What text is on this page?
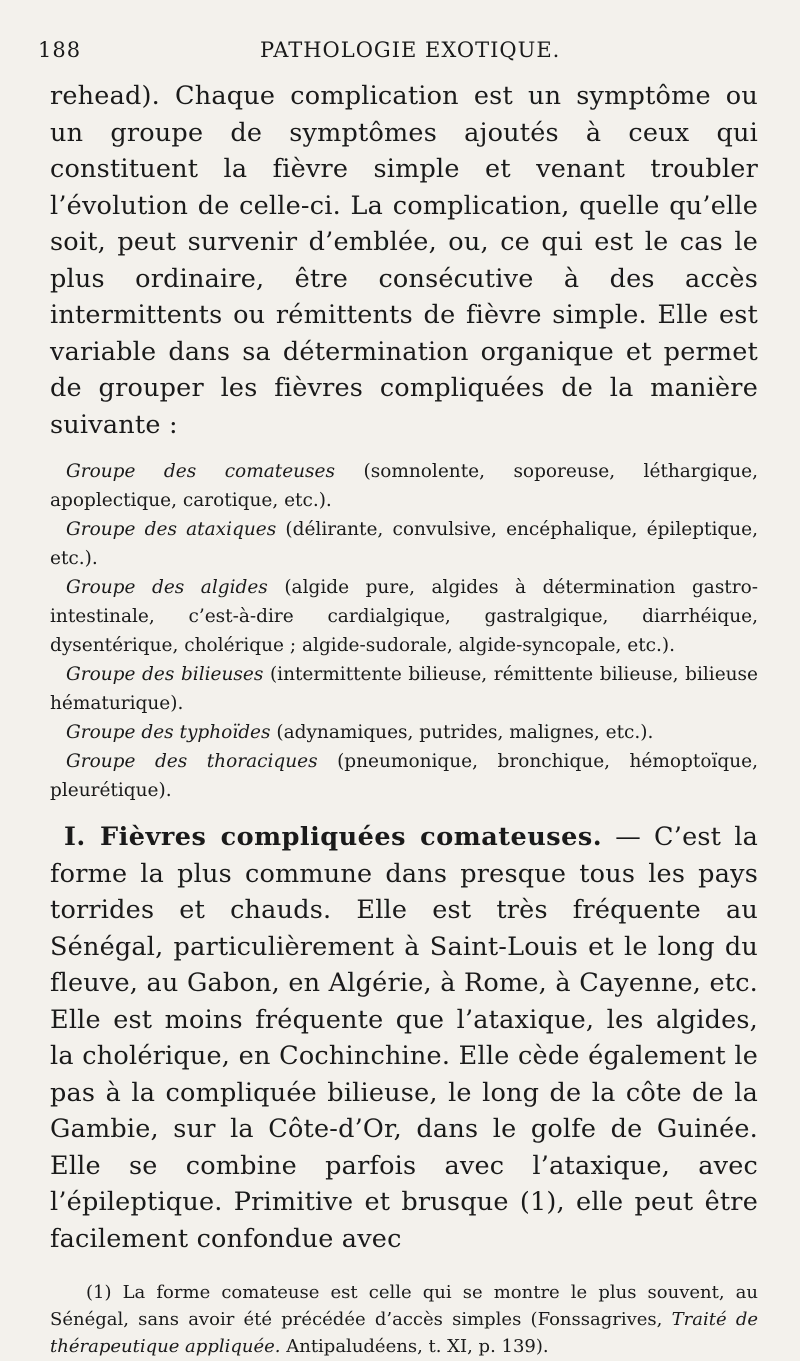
188	PATHOLOGIE EXOTIQUE.

rehead). Chaque complication est un symptôme ou un groupe de symptômes ajoutés à ceux qui constituent la fièvre simple et venant troubler l’évolution de celle-ci. La complication, quelle qu’elle soit, peut survenir d’emblée, ou, ce qui est le cas le plus ordinaire, être consécutive à des accès intermittents ou rémittents de fièvre simple. Elle est variable dans sa détermination organique et permet de grouper les fièvres compliquées de la manière suivante :

Groupe des comateuses (somnolente, soporeuse, léthargique, apoplectique, carotique, etc.).

Groupe des ataxiques (délirante, convulsive, encéphalique, épileptique, etc.).

Groupe des algides (algide pure, algides à détermination gastro-intestinale, c’est-à-dire cardialgique, gastralgique, diarrhéique, dysentérique, cholérique ; algide-sudorale, algide-syncopale, etc.).

Groupe des bilieuses (intermittente bilieuse, rémittente bilieuse, bilieuse hématurique).

Groupe des typhoïdes (adynamiques, putrides, malignes, etc.).

Groupe des thoraciques (pneumonique, bronchique, hémoptoïque, pleurétique).

I. Fièvres compliquées comateuses. — C’est la forme la plus commune dans presque tous les pays torrides et chauds. Elle est très fréquente au Sénégal, particulièrement à Saint-Louis et le long du fleuve, au Gabon, en Algérie, à Rome, à Cayenne, etc. Elle est moins fréquente que l’ataxique, les algides, la cholérique, en Cochinchine. Elle cède également le pas à la compliquée bilieuse, le long de la côte de la Gambie, sur la Côte-d’Or, dans le golfe de Guinée. Elle se combine parfois avec l’ataxique, avec l’épileptique. Primitive et brusque (1), elle peut être facilement confondue avec

(1) La forme comateuse est celle qui se montre le plus souvent, au Sénégal, sans avoir été précédée d’accès simples (Fonssagrives, Traité de thérapeutique appliquée. Antipaludéens, t. XI, p. 139).
